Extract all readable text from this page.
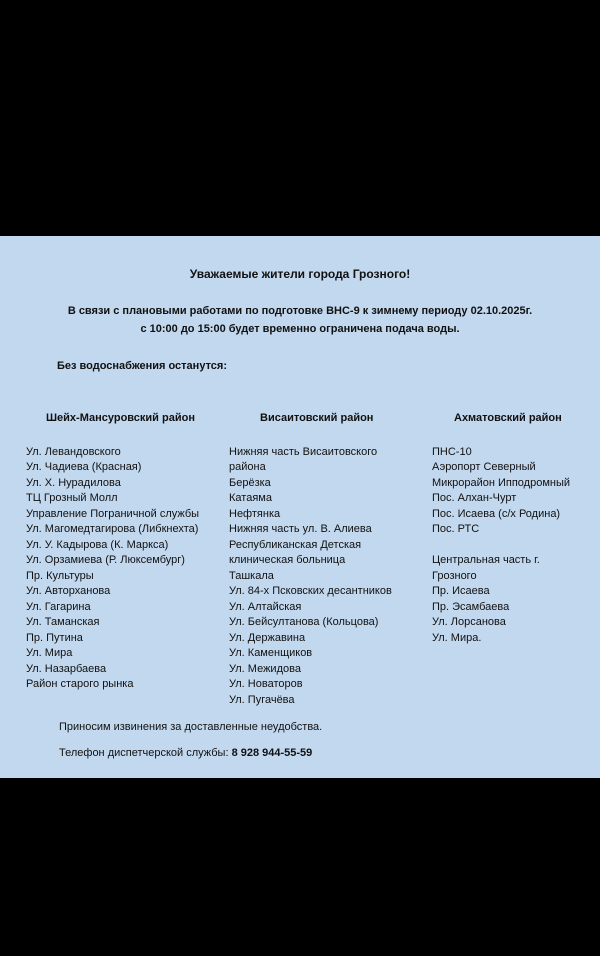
Уважаемые жители города Грозного!
В связи с плановыми работами по подготовке ВНС-9 к зимнему периоду 02.10.2025г.
с 10:00 до 15:00 будет временно ограничена подача воды.
Без водоснабжения останутся:
Шейх-Мансуровский район
Ул. Левандовского
Ул. Чадиева (Красная)
Ул. Х. Нурадилова
ТЦ Грозный Молл
Управление Пограничной службы
Ул. Магомедтагирова (Либкнехта)
Ул. У. Кадырова (К. Маркса)
Ул. Орзамиева (Р. Люксембург)
Пр. Культуры
Ул. Авторханова
Ул. Гагарина
Ул. Таманская
Пр. Путина
Ул. Мира
Ул. Назарбаева
Район старого рынка
Висаитовский район
Нижняя часть Висаитовского
района
Берёзка
Катаяма
Нефтянка
Нижняя часть ул. В. Алиева
Республиканская Детская
клиническая больница
Ташкала
Ул. 84-х Псковских десантников
Ул. Алтайская
Ул. Бейсултанова (Кольцова)
Ул. Державина
Ул. Каменщиков
Ул. Межидова
Ул. Новаторов
Ул. Пугачёва
Ахматовский район
ПНС-10
Аэропорт Северный
Микрорайон Ипподромный
Пос. Алхан-Чурт
Пос. Исаева (с/х Родина)
Пос. РТС
Центральная часть г.
Грозного
Пр. Исаева
Пр. Эсамбаева
Ул. Лорсанова
Ул. Мира.
Приносим извинения за доставленные неудобства.
Телефон диспетчерской службы: 8 928 944-55-59
